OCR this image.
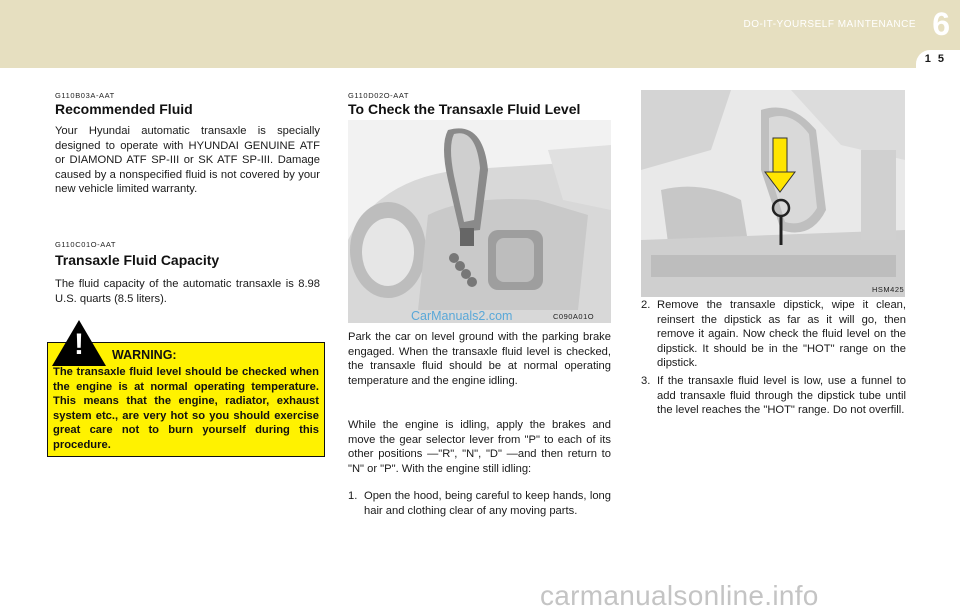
DO-IT-YOURSELF MAINTENANCE 6
1 5
G110B03A-AAT
Recommended Fluid
Your Hyundai automatic transaxle is specially designed to operate with HYUNDAI GENUINE ATF or DIAMOND ATF SP-III or SK ATF SP-III. Damage caused by a nonspecified fluid is not covered by your new vehicle limited warranty.
G110C01O-AAT
Transaxle Fluid Capacity
The fluid capacity of the automatic transaxle is 8.98 U.S. quarts (8.5 liters).
!	WARNING:
The transaxle fluid level should be checked when the engine is at normal operating temperature. This means that the engine, radiator, exhaust system etc., are very hot so you should exercise great care not to burn yourself during this procedure.
G110D02O-AAT
To Check the Transaxle Fluid Level
CarManuals2.com	C090A01O
Park the car on level ground with the parking brake engaged. When the transaxle fluid level is checked, the transaxle fluid should be at normal operating temperature and the engine idling.
While the engine is idling, apply the brakes and move the gear selector lever from "P" to each of its other positions —"R", "N", "D" —and then return to "N" or "P". With the engine still idling:
1. Open the hood, being careful to keep hands, long hair and clothing clear of any moving parts.
HSM425
2. Remove the transaxle dipstick, wipe it clean, reinsert the dipstick as far as it will go, then remove it again. Now check the fluid level on the dipstick. It should be in the "HOT" range on the dipstick.
3. If the transaxle fluid level is low, use a funnel to add transaxle fluid through the dipstick tube until the level reaches the "HOT" range. Do not overfill.
carmanualsonline.info
